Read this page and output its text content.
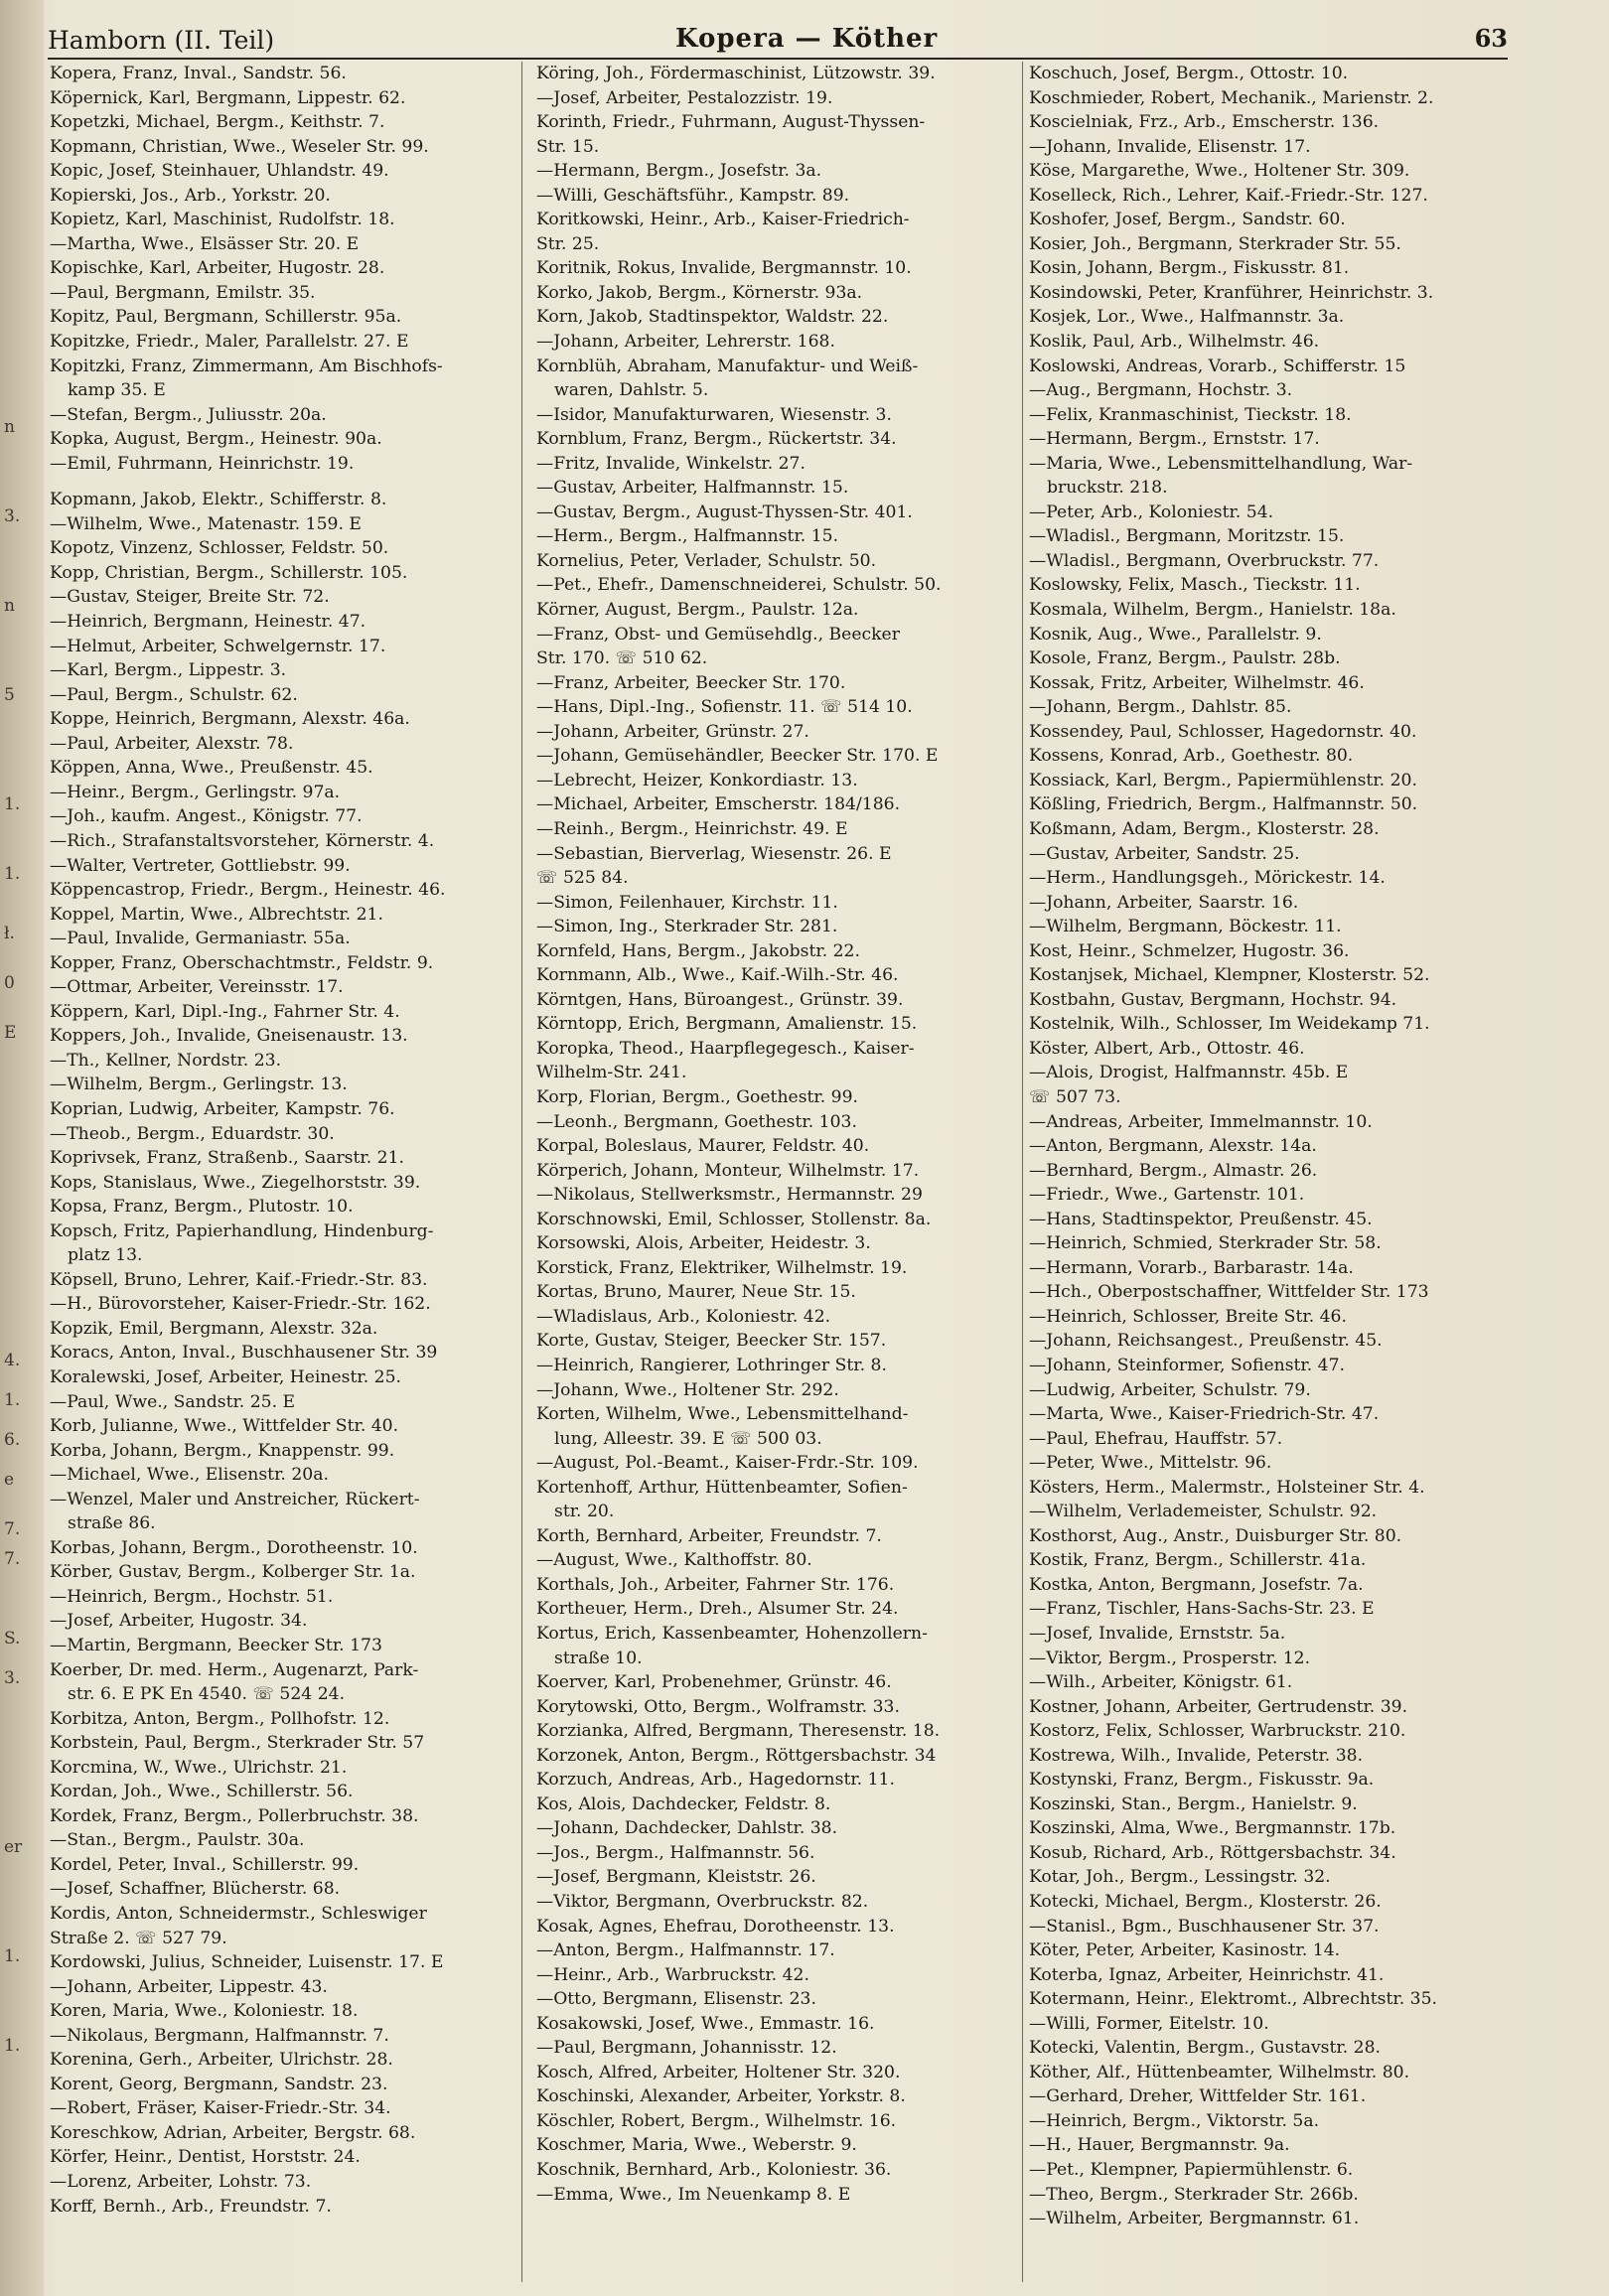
n
3.
n
5
1.
1.
ł.
0
E
4.
1.
6.
e
7.
7.
S.
3.
er
1.
1.
Hamborn (II. Teil)	Kopera — Köther	63
Kopera, Franz, Inval., Sandstr. 56.
Köpernick, Karl, Bergmann, Lippestr. 62.
Kopetzki, Michael, Bergm., Keithstr. 7.
Kopmann, Christian, Wwe., Weseler Str. 99.
Kopic, Josef, Steinhauer, Uhlandstr. 49.
Kopierski, Jos., Arb., Yorkstr. 20.
Kopietz, Karl, Maschinist, Rudolfstr. 18.
—Martha, Wwe., Elsässer Str. 20. E
Kopischke, Karl, Arbeiter, Hugostr. 28.
—Paul, Bergmann, Emilstr. 35.
Kopitz, Paul, Bergmann, Schillerstr. 95a.
Kopitzke, Friedr., Maler, Parallelstr. 27. E
Kopitzki, Franz, Zimmermann, Am Bischhofs-
kamp 35. E
—Stefan, Bergm., Juliusstr. 20a.
Kopka, August, Bergm., Heinestr. 90a.
—Emil, Fuhrmann, Heinrichstr. 19.
Kopmann, Jakob, Elektr., Schifferstr. 8.
—Wilhelm, Wwe., Matenastr. 159. E
Kopotz, Vinzenz, Schlosser, Feldstr. 50.
Kopp, Christian, Bergm., Schillerstr. 105.
—Gustav, Steiger, Breite Str. 72.
—Heinrich, Bergmann, Heinestr. 47.
—Helmut, Arbeiter, Schwelgernstr. 17.
—Karl, Bergm., Lippestr. 3.
—Paul, Bergm., Schulstr. 62.
Koppe, Heinrich, Bergmann, Alexstr. 46a.
—Paul, Arbeiter, Alexstr. 78.
Köppen, Anna, Wwe., Preußenstr. 45.
—Heinr., Bergm., Gerlingstr. 97a.
—Joh., kaufm. Angest., Königstr. 77.
—Rich., Strafanstaltsvorsteher, Körnerstr. 4.
—Walter, Vertreter, Gottliebstr. 99.
Köppencastrop, Friedr., Bergm., Heinestr. 46.
Koppel, Martin, Wwe., Albrechtstr. 21.
—Paul, Invalide, Germaniastr. 55a.
Kopper, Franz, Oberschachtmstr., Feldstr. 9.
—Ottmar, Arbeiter, Vereinsstr. 17.
Köppern, Karl, Dipl.-Ing., Fahrner Str. 4.
Koppers, Joh., Invalide, Gneisenaustr. 13.
—Th., Kellner, Nordstr. 23.
—Wilhelm, Bergm., Gerlingstr. 13.
Koprian, Ludwig, Arbeiter, Kampstr. 76.
—Theob., Bergm., Eduardstr. 30.
Koprivsek, Franz, Straßenb., Saarstr. 21.
Kops, Stanislaus, Wwe., Ziegelhorststr. 39.
Kopsa, Franz, Bergm., Plutostr. 10.
Kopsch, Fritz, Papierhandlung, Hindenburg-
platz 13.
Köpsell, Bruno, Lehrer, Kaif.-Friedr.-Str. 83.
—H., Bürovorsteher, Kaiser-Friedr.-Str. 162.
Kopzik, Emil, Bergmann, Alexstr. 32a.
Koracs, Anton, Inval., Buschhausener Str. 39
Koralewski, Josef, Arbeiter, Heinestr. 25.
—Paul, Wwe., Sandstr. 25. E
Korb, Julianne, Wwe., Wittfelder Str. 40.
Korba, Johann, Bergm., Knappenstr. 99.
—Michael, Wwe., Elisenstr. 20a.
—Wenzel, Maler und Anstreicher, Rückert-
straße 86.
Korbas, Johann, Bergm., Dorotheenstr. 10.
Körber, Gustav, Bergm., Kolberger Str. 1a.
—Heinrich, Bergm., Hochstr. 51.
—Josef, Arbeiter, Hugostr. 34.
—Martin, Bergmann, Beecker Str. 173
Koerber, Dr. med. Herm., Augenarzt, Park-
str. 6. E PK En 4540. ☏ 524 24.
Korbitza, Anton, Bergm., Pollhofstr. 12.
Korbstein, Paul, Bergm., Sterkrader Str. 57
Korcmina, W., Wwe., Ulrichstr. 21.
Kordan, Joh., Wwe., Schillerstr. 56.
Kordek, Franz, Bergm., Pollerbruchstr. 38.
—Stan., Bergm., Paulstr. 30a.
Kordel, Peter, Inval., Schillerstr. 99.
—Josef, Schaffner, Blücherstr. 68.
Kordis, Anton, Schneidermstr., Schleswiger
Straße 2. ☏ 527 79.
Kordowski, Julius, Schneider, Luisenstr. 17. E
—Johann, Arbeiter, Lippestr. 43.
Koren, Maria, Wwe., Koloniestr. 18.
—Nikolaus, Bergmann, Halfmannstr. 7.
Korenina, Gerh., Arbeiter, Ulrichstr. 28.
Korent, Georg, Bergmann, Sandstr. 23.
—Robert, Fräser, Kaiser-Friedr.-Str. 34.
Koreschkow, Adrian, Arbeiter, Bergstr. 68.
Körfer, Heinr., Dentist, Horststr. 24.
—Lorenz, Arbeiter, Lohstr. 73.
Korff, Bernh., Arb., Freundstr. 7.
Köring, Joh., Fördermaschinist, Lützowstr. 39.
—Josef, Arbeiter, Pestalozzistr. 19.
Korinth, Friedr., Fuhrmann, August-Thyssen-
Str. 15.
—Hermann, Bergm., Josefstr. 3a.
—Willi, Geschäftsführ., Kampstr. 89.
Koritkowski, Heinr., Arb., Kaiser-Friedrich-
Str. 25.
Koritnik, Rokus, Invalide, Bergmannstr. 10.
Korko, Jakob, Bergm., Körnerstr. 93a.
Korn, Jakob, Stadtinspektor, Waldstr. 22.
—Johann, Arbeiter, Lehrerstr. 168.
Kornblüh, Abraham, Manufaktur- und Weiß-
waren, Dahlstr. 5.
—Isidor, Manufakturwaren, Wiesenstr. 3.
Kornblum, Franz, Bergm., Rückertstr. 34.
—Fritz, Invalide, Winkelstr. 27.
—Gustav, Arbeiter, Halfmannstr. 15.
—Gustav, Bergm., August-Thyssen-Str. 401.
—Herm., Bergm., Halfmannstr. 15.
Kornelius, Peter, Verlader, Schulstr. 50.
—Pet., Ehefr., Damenschneiderei, Schulstr. 50.
Körner, August, Bergm., Paulstr. 12a.
—Franz, Obst- und Gemüsehdlg., Beecker
Str. 170. ☏ 510 62.
—Franz, Arbeiter, Beecker Str. 170.
—Hans, Dipl.-Ing., Sofienstr. 11. ☏ 514 10.
—Johann, Arbeiter, Grünstr. 27.
—Johann, Gemüsehändler, Beecker Str. 170. E
—Lebrecht, Heizer, Konkordiastr. 13.
—Michael, Arbeiter, Emscherstr. 184/186.
—Reinh., Bergm., Heinrichstr. 49. E
—Sebastian, Bierverlag, Wiesenstr. 26. E
☏ 525 84.
—Simon, Feilenhauer, Kirchstr. 11.
—Simon, Ing., Sterkrader Str. 281.
Kornfeld, Hans, Bergm., Jakobstr. 22.
Kornmann, Alb., Wwe., Kaif.-Wilh.-Str. 46.
Körntgen, Hans, Büroangest., Grünstr. 39.
Körntopp, Erich, Bergmann, Amalienstr. 15.
Koropka, Theod., Haarpflegegesch., Kaiser-
Wilhelm-Str. 241.
Korp, Florian, Bergm., Goethestr. 99.
—Leonh., Bergmann, Goethestr. 103.
Korpal, Boleslaus, Maurer, Feldstr. 40.
Körperich, Johann, Monteur, Wilhelmstr. 17.
—Nikolaus, Stellwerksmstr., Hermannstr. 29
Korschnowski, Emil, Schlosser, Stollenstr. 8a.
Korsowski, Alois, Arbeiter, Heidestr. 3.
Korstick, Franz, Elektriker, Wilhelmstr. 19.
Kortas, Bruno, Maurer, Neue Str. 15.
—Wladislaus, Arb., Koloniestr. 42.
Korte, Gustav, Steiger, Beecker Str. 157.
—Heinrich, Rangierer, Lothringer Str. 8.
—Johann, Wwe., Holtener Str. 292.
Korten, Wilhelm, Wwe., Lebensmittelhand-
lung, Alleestr. 39. E ☏ 500 03.
—August, Pol.-Beamt., Kaiser-Frdr.-Str. 109.
Kortenhoff, Arthur, Hüttenbeamter, Sofien-
str. 20.
Korth, Bernhard, Arbeiter, Freundstr. 7.
—August, Wwe., Kalthoffstr. 80.
Korthals, Joh., Arbeiter, Fahrner Str. 176.
Kortheuer, Herm., Dreh., Alsumer Str. 24.
Kortus, Erich, Kassenbeamter, Hohenzollern-
straße 10.
Koerver, Karl, Probenehmer, Grünstr. 46.
Korytowski, Otto, Bergm., Wolframstr. 33.
Korzianka, Alfred, Bergmann, Theresenstr. 18.
Korzonek, Anton, Bergm., Röttgersbachstr. 34
Korzuch, Andreas, Arb., Hagedornstr. 11.
Kos, Alois, Dachdecker, Feldstr. 8.
—Johann, Dachdecker, Dahlstr. 38.
—Jos., Bergm., Halfmannstr. 56.
—Josef, Bergmann, Kleiststr. 26.
—Viktor, Bergmann, Overbruckstr. 82.
Kosak, Agnes, Ehefrau, Dorotheenstr. 13.
—Anton, Bergm., Halfmannstr. 17.
—Heinr., Arb., Warbruckstr. 42.
—Otto, Bergmann, Elisenstr. 23.
Kosakowski, Josef, Wwe., Emmastr. 16.
—Paul, Bergmann, Johannisstr. 12.
Kosch, Alfred, Arbeiter, Holtener Str. 320.
Koschinski, Alexander, Arbeiter, Yorkstr. 8.
Köschler, Robert, Bergm., Wilhelmstr. 16.
Koschmer, Maria, Wwe., Weberstr. 9.
Koschnik, Bernhard, Arb., Koloniestr. 36.
—Emma, Wwe., Im Neuenkamp 8. E
Koschuch, Josef, Bergm., Ottostr. 10.
Koschmieder, Robert, Mechanik., Marienstr. 2.
Koscielniak, Frz., Arb., Emscherstr. 136.
—Johann, Invalide, Elisenstr. 17.
Köse, Margarethe, Wwe., Holtener Str. 309.
Koselleck, Rich., Lehrer, Kaif.-Friedr.-Str. 127.
Koshofer, Josef, Bergm., Sandstr. 60.
Kosier, Joh., Bergmann, Sterkrader Str. 55.
Kosin, Johann, Bergm., Fiskusstr. 81.
Kosindowski, Peter, Kranführer, Heinrichstr. 3.
Kosjek, Lor., Wwe., Halfmannstr. 3a.
Koslik, Paul, Arb., Wilhelmstr. 46.
Koslowski, Andreas, Vorarb., Schifferstr. 15
—Aug., Bergmann, Hochstr. 3.
—Felix, Kranmaschinist, Tieckstr. 18.
—Hermann, Bergm., Ernststr. 17.
—Maria, Wwe., Lebensmittelhandlung, War-
bruckstr. 218.
—Peter, Arb., Koloniestr. 54.
—Wladisl., Bergmann, Moritzstr. 15.
—Wladisl., Bergmann, Overbruckstr. 77.
Koslowsky, Felix, Masch., Tieckstr. 11.
Kosmala, Wilhelm, Bergm., Hanielstr. 18a.
Kosnik, Aug., Wwe., Parallelstr. 9.
Kosole, Franz, Bergm., Paulstr. 28b.
Kossak, Fritz, Arbeiter, Wilhelmstr. 46.
—Johann, Bergm., Dahlstr. 85.
Kossendey, Paul, Schlosser, Hagedornstr. 40.
Kossens, Konrad, Arb., Goethestr. 80.
Kossiack, Karl, Bergm., Papiermühlenstr. 20.
Kößling, Friedrich, Bergm., Halfmannstr. 50.
Koßmann, Adam, Bergm., Klosterstr. 28.
—Gustav, Arbeiter, Sandstr. 25.
—Herm., Handlungsgeh., Mörickestr. 14.
—Johann, Arbeiter, Saarstr. 16.
—Wilhelm, Bergmann, Böckestr. 11.
Kost, Heinr., Schmelzer, Hugostr. 36.
Kostanjsek, Michael, Klempner, Klosterstr. 52.
Kostbahn, Gustav, Bergmann, Hochstr. 94.
Kostelnik, Wilh., Schlosser, Im Weidekamp 71.
Köster, Albert, Arb., Ottostr. 46.
—Alois, Drogist, Halfmannstr. 45b. E
☏ 507 73.
—Andreas, Arbeiter, Immelmannstr. 10.
—Anton, Bergmann, Alexstr. 14a.
—Bernhard, Bergm., Almastr. 26.
—Friedr., Wwe., Gartenstr. 101.
—Hans, Stadtinspektor, Preußenstr. 45.
—Heinrich, Schmied, Sterkrader Str. 58.
—Hermann, Vorarb., Barbarastr. 14a.
—Hch., Oberpostschaffner, Wittfelder Str. 173
—Heinrich, Schlosser, Breite Str. 46.
—Johann, Reichsangest., Preußenstr. 45.
—Johann, Steinformer, Sofienstr. 47.
—Ludwig, Arbeiter, Schulstr. 79.
—Marta, Wwe., Kaiser-Friedrich-Str. 47.
—Paul, Ehefrau, Hauffstr. 57.
—Peter, Wwe., Mittelstr. 96.
Kösters, Herm., Malermstr., Holsteiner Str. 4.
—Wilhelm, Verlademeister, Schulstr. 92.
Kosthorst, Aug., Anstr., Duisburger Str. 80.
Kostik, Franz, Bergm., Schillerstr. 41a.
Kostka, Anton, Bergmann, Josefstr. 7a.
—Franz, Tischler, Hans-Sachs-Str. 23. E
—Josef, Invalide, Ernststr. 5a.
—Viktor, Bergm., Prosperstr. 12.
—Wilh., Arbeiter, Königstr. 61.
Kostner, Johann, Arbeiter, Gertrudenstr. 39.
Kostorz, Felix, Schlosser, Warbruckstr. 210.
Kostrewa, Wilh., Invalide, Peterstr. 38.
Kostynski, Franz, Bergm., Fiskusstr. 9a.
Koszinski, Stan., Bergm., Hanielstr. 9.
Koszinski, Alma, Wwe., Bergmannstr. 17b.
Kosub, Richard, Arb., Röttgersbachstr. 34.
Kotar, Joh., Bergm., Lessingstr. 32.
Kotecki, Michael, Bergm., Klosterstr. 26.
—Stanisl., Bgm., Buschhausener Str. 37.
Köter, Peter, Arbeiter, Kasinostr. 14.
Koterba, Ignaz, Arbeiter, Heinrichstr. 41.
Kotermann, Heinr., Elektromt., Albrechtstr. 35.
—Willi, Former, Eitelstr. 10.
Kotecki, Valentin, Bergm., Gustavstr. 28.
Köther, Alf., Hüttenbeamter, Wilhelmstr. 80.
—Gerhard, Dreher, Wittfelder Str. 161.
—Heinrich, Bergm., Viktorstr. 5a.
—H., Hauer, Bergmannstr. 9a.
—Pet., Klempner, Papiermühlenstr. 6.
—Theo, Bergm., Sterkrader Str. 266b.
—Wilhelm, Arbeiter, Bergmannstr. 61.
